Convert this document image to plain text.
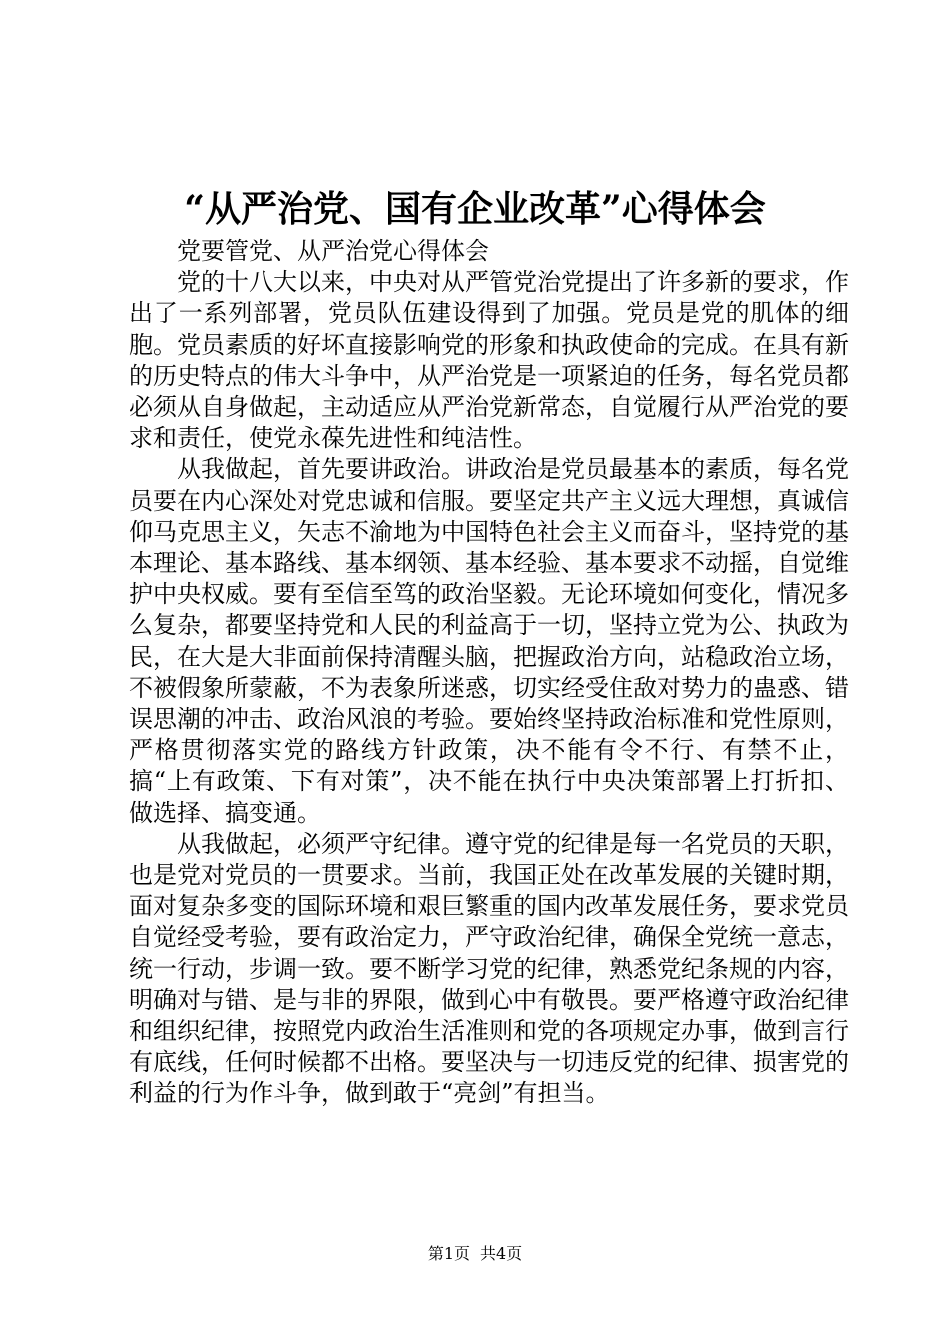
“从严治党、国有企业改革”心得体会

党要管党、从严治党心得体会

党的十八大以来，中央对从严管党治党提出了许多新的要求，作出了一系列部署，党员队伍建设得到了加强。党员是党的肌体的细胞。党员素质的好坏直接影响党的形象和执政使命的完成。在具有新的历史特点的伟大斗争中，从严治党是一项紧迫的任务，每名党员都必须从自身做起，主动适应从严治党新常态，自觉履行从严治党的要求和责任，使党永葆先进性和纯洁性。

从我做起，首先要讲政治。讲政治是党员最基本的素质，每名党员要在内心深处对党忠诚和信服。要坚定共产主义远大理想，真诚信仰马克思主义，矢志不渝地为中国特色社会主义而奋斗，坚持党的基本理论、基本路线、基本纲领、基本经验、基本要求不动摇，自觉维护中央权威。要有至信至笃的政治坚毅。无论环境如何变化，情况多么复杂，都要坚持党和人民的利益高于一切，坚持立党为公、执政为民，在大是大非面前保持清醒头脑，把握政治方向，站稳政治立场，不被假象所蒙蔽，不为表象所迷惑，切实经受住敌对势力的蛊惑、错误思潮的冲击、政治风浪的考验。要始终坚持政治标准和党性原则，严格贯彻落实党的路线方针政策，决不能有令不行、有禁不止，搞“上有政策、下有对策”，决不能在执行中央决策部署上打折扣、做选择、搞变通。

从我做起，必须严守纪律。遵守党的纪律是每一名党员的天职，也是党对党员的一贯要求。当前，我国正处在改革发展的关键时期，面对复杂多变的国际环境和艰巨繁重的国内改革发展任务，要求党员自觉经受考验，要有政治定力，严守政治纪律，确保全党统一意志，统一行动，步调一致。要不断学习党的纪律，熟悉党纪条规的内容，明确对与错、是与非的界限，做到心中有敬畏。要严格遵守政治纪律和组织纪律，按照党内政治生活准则和党的各项规定办事，做到言行有底线，任何时候都不出格。要坚决与一切违反党的纪律、损害党的利益的行为作斗争，做到敢于“亮剑”有担当。

第1页 共4页
